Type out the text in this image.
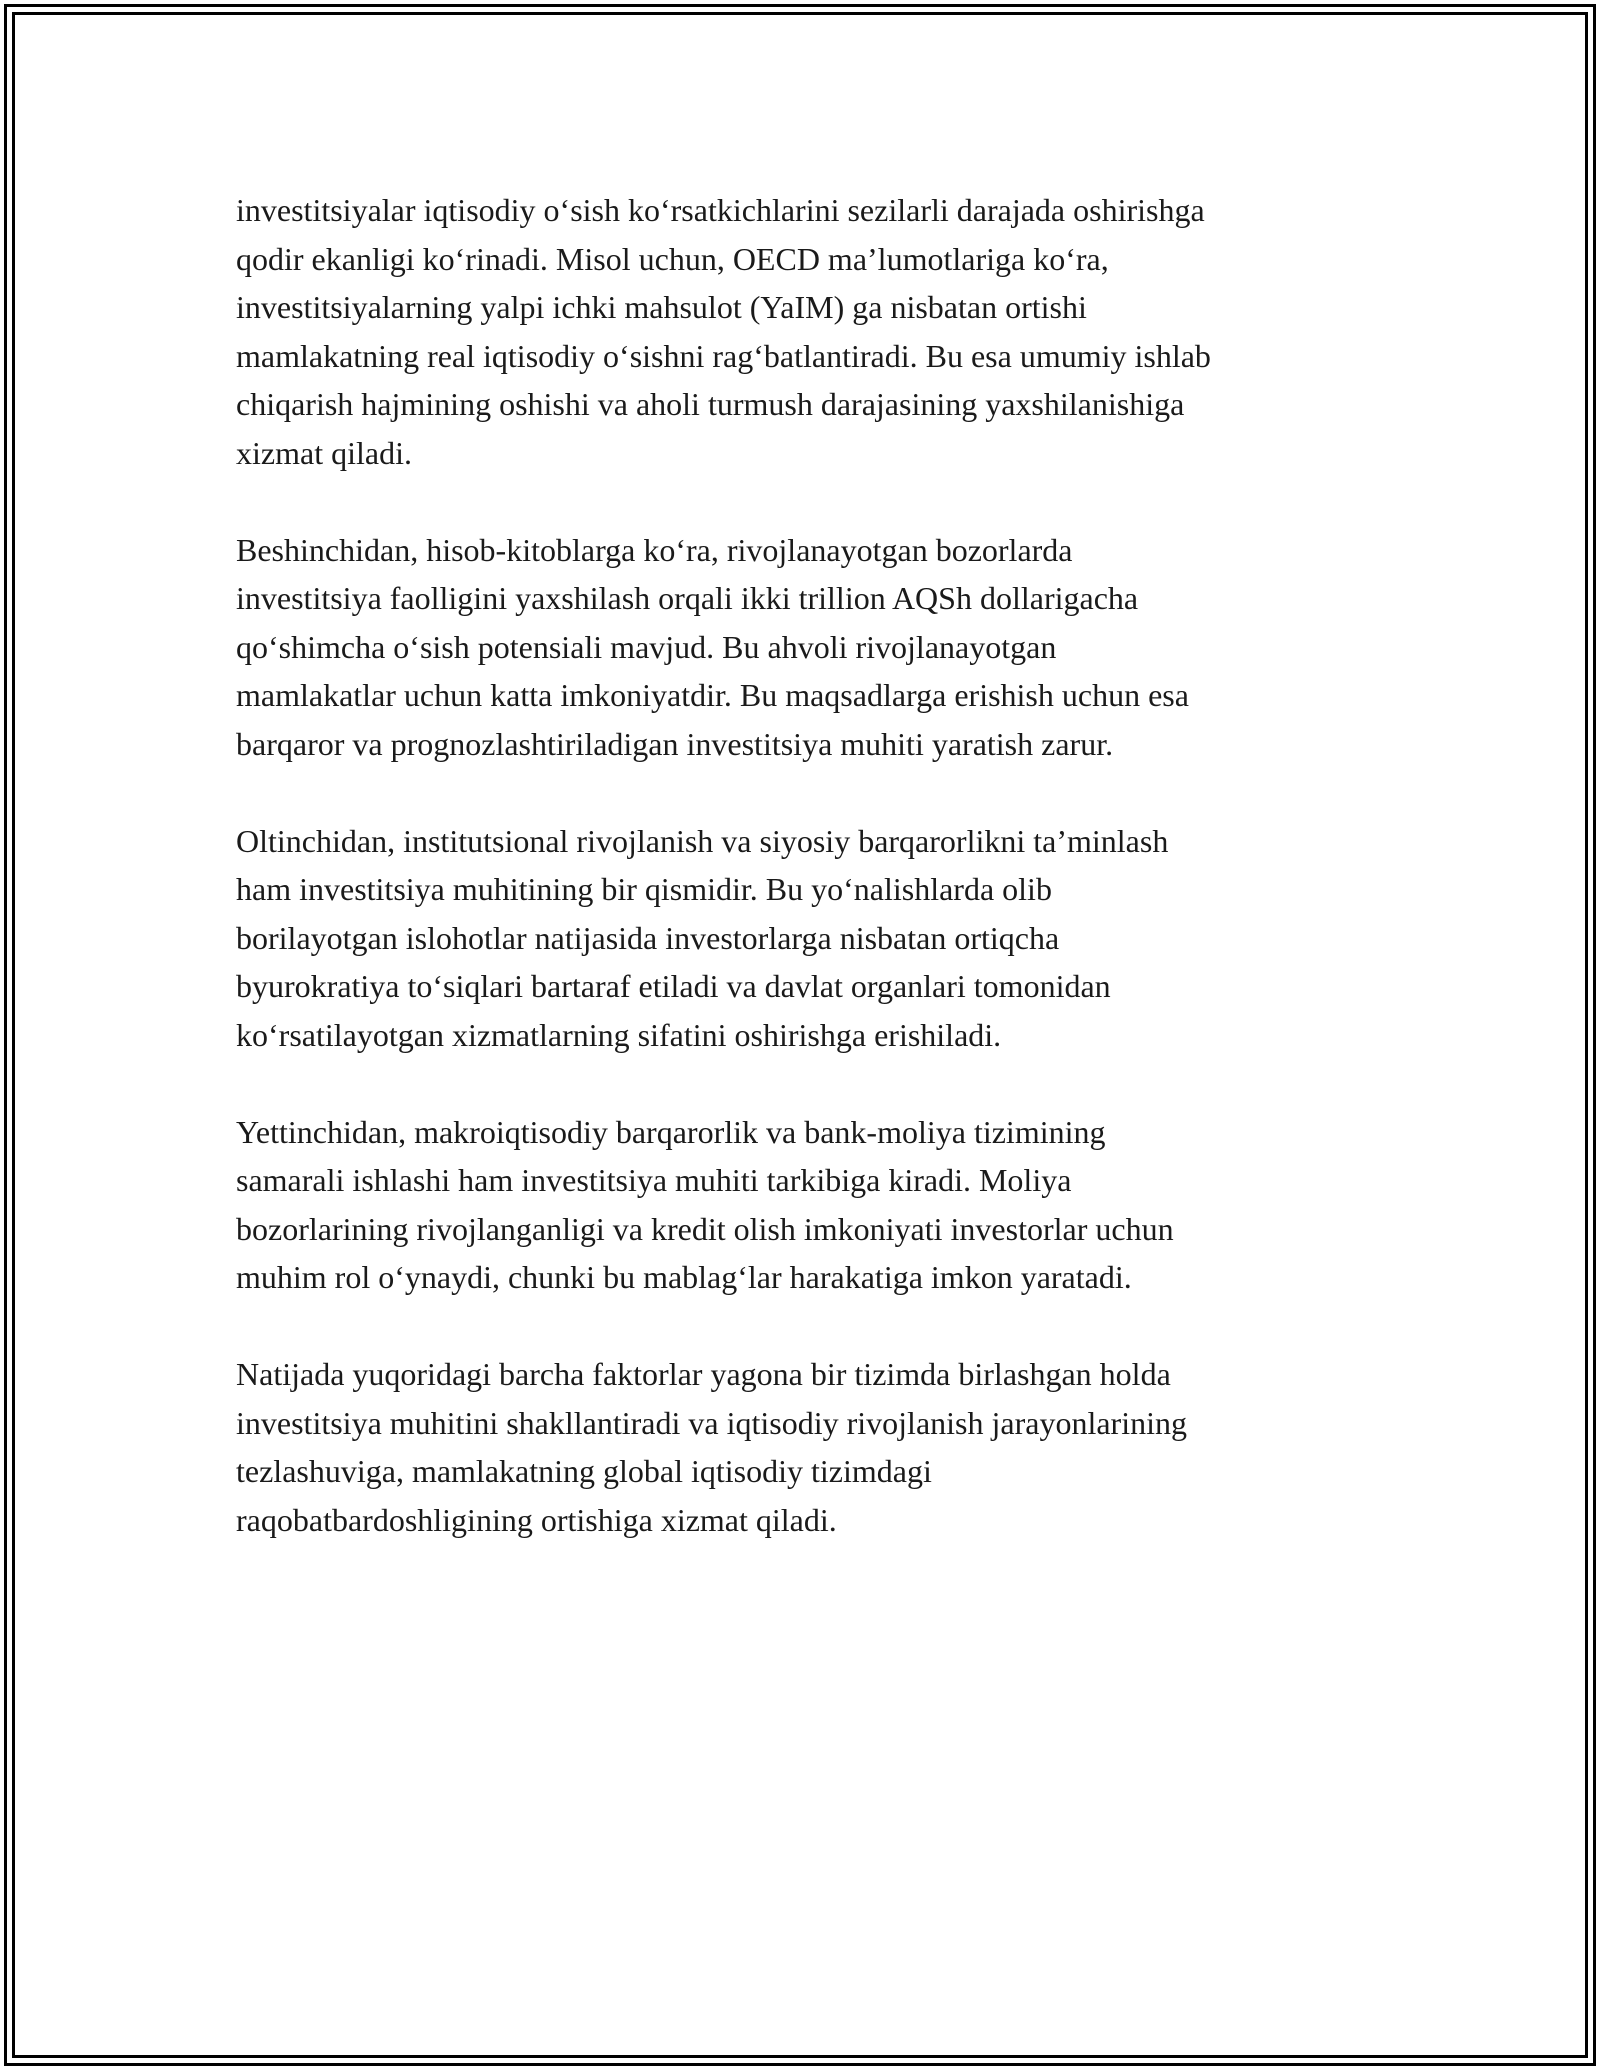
investitsiyalar iqtisodiy o‘sish ko‘rsatkichlarini sezilarli darajada oshirishga
qodir ekanligi ko‘rinadi. Misol uchun, OECD ma’lumotlariga ko‘ra,
investitsiyalarning yalpi ichki mahsulot (YaIM) ga nisbatan ortishi
mamlakatning real iqtisodiy o‘sishni rag‘batlantiradi. Bu esa umumiy ishlab
chiqarish hajmining oshishi va aholi turmush darajasining yaxshilanishiga
xizmat qiladi.

Beshinchidan, hisob-kitoblarga ko‘ra, rivojlanayotgan bozorlarda
investitsiya faolligini yaxshilash orqali ikki trillion AQSh dollarigacha
qo‘shimcha o‘sish potensiali mavjud. Bu ahvoli rivojlanayotgan
mamlakatlar uchun katta imkoniyatdir. Bu maqsadlarga erishish uchun esa
barqaror va prognozlashtiriladigan investitsiya muhiti yaratish zarur.

Oltinchidan, institutsional rivojlanish va siyosiy barqarorlikni ta’minlash
ham investitsiya muhitining bir qismidir. Bu yo‘nalishlarda olib
borilayotgan islohotlar natijasida investorlarga nisbatan ortiqcha
byurokratiya to‘siqlari bartaraf etiladi va davlat organlari tomonidan
ko‘rsatilayotgan xizmatlarning sifatini oshirishga erishiladi.

Yettinchidan, makroiqtisodiy barqarorlik va bank-moliya tizimining
samarali ishlashi ham investitsiya muhiti tarkibiga kiradi. Moliya
bozorlarining rivojlanganligi va kredit olish imkoniyati investorlar uchun
muhim rol o‘ynaydi, chunki bu mablag‘lar harakatiga imkon yaratadi.

Natijada yuqoridagi barcha faktorlar yagona bir tizimda birlashgan holda
investitsiya muhitini shakllantiradi va iqtisodiy rivojlanish jarayonlarining
tezlashuviga, mamlakatning global iqtisodiy tizimdagi
raqobatbardoshligining ortishiga xizmat qiladi.
